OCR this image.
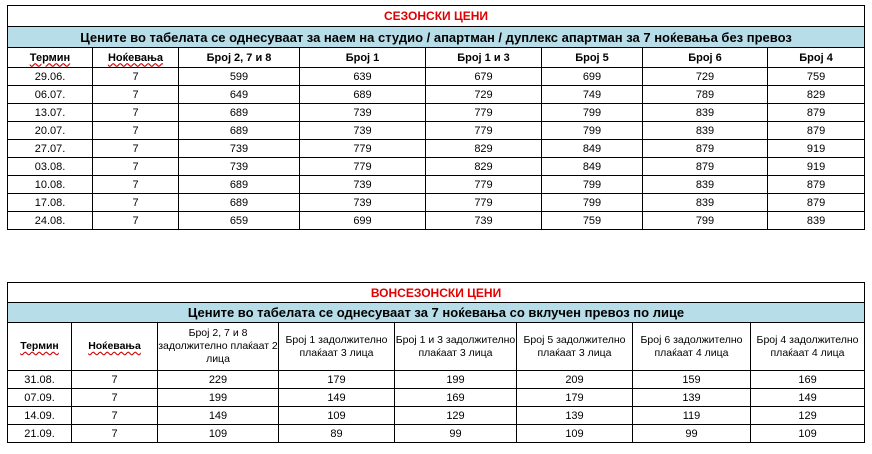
СЕЗОНСКИ ЦЕНИ							
Цените во табелата се однесуваат за наем на студио / апартман / дуплекс апартман за 7 ноќевања без превоз							
Термин	Ноќевања	Број 2, 7 и 8	Број 1	Број 1 и 3	Број 5	Број 6	Број 4
29.06.	7	599	639	679	699	729	759
06.07.	7	649	689	729	749	789	829
13.07.	7	689	739	779	799	839	879
20.07.	7	689	739	779	799	839	879
27.07.	7	739	779	829	849	879	919
03.08.	7	739	779	829	849	879	919
10.08.	7	689	739	779	799	839	879
17.08.	7	689	739	779	799	839	879
24.08.	7	659	699	739	759	799	839
ВОНСЕЗОНСКИ ЦЕНИ							
Цените во табелата се однесуваат за 7 ноќевања со вклучен превоз по лице							
Термин	Ноќевања	Број 2, 7 и 8 задолжително плаќаат 2 лица	Број 1 задолжително плаќаат 3 лица	Број 1 и 3 задолжително плаќаат 3 лица	Број 5 задолжително плаќаат 3 лица	Број 6 задолжително плаќаат 4 лица	Број 4 задолжително плаќаат 4 лица
31.08.	7	229	179	199	209	159	169
07.09.	7	199	149	169	179	139	149
14.09.	7	149	109	129	139	119	129
21.09.	7	109	89	99	109	99	109
